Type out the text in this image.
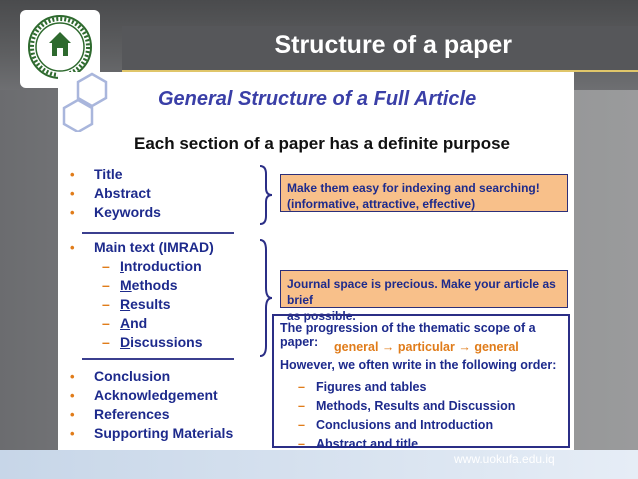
Structure of a paper
General Structure of a Full Article
Each section of a paper has a definite purpose
• Title
• Abstract
• Keywords
• Main text (IMRAD)
– Introduction
– Methods
– Results
– And
– Discussions
• Conclusion
• Acknowledgement
• References
• Supporting Materials
Make them easy for indexing and searching!
(informative, attractive, effective)
Journal space is precious. Make your article as brief
as possible.
The progression of the thematic scope of a paper:	general → particular → general
However, we often write in the following order:
– Figures and tables
– Methods, Results and Discussion
– Conclusions and Introduction
– Abstract and title
www.uokufa.edu.iq
